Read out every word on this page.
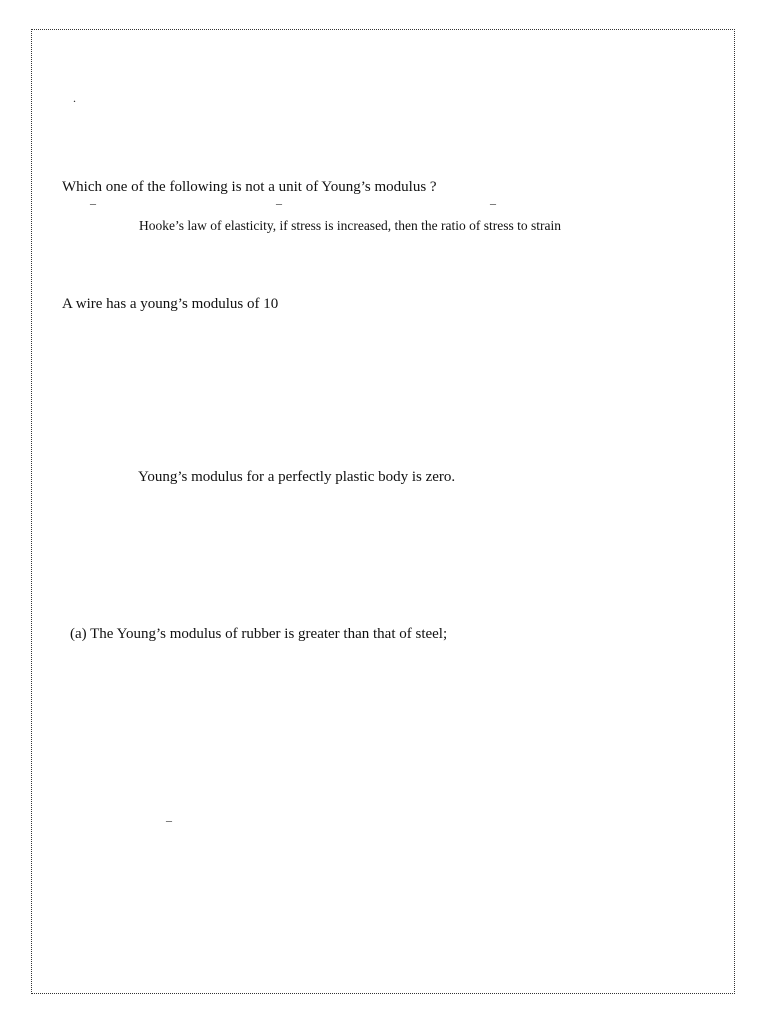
.
Which one of the following is not a unit of Young’s modulus ?
–	–	–
Hooke’s law of elasticity, if stress is increased, then the ratio of stress to strain
A wire has a young’s modulus of 10
Young’s modulus for a perfectly plastic body is zero.
(a) The Young’s modulus of rubber is greater than that of steel;
–
